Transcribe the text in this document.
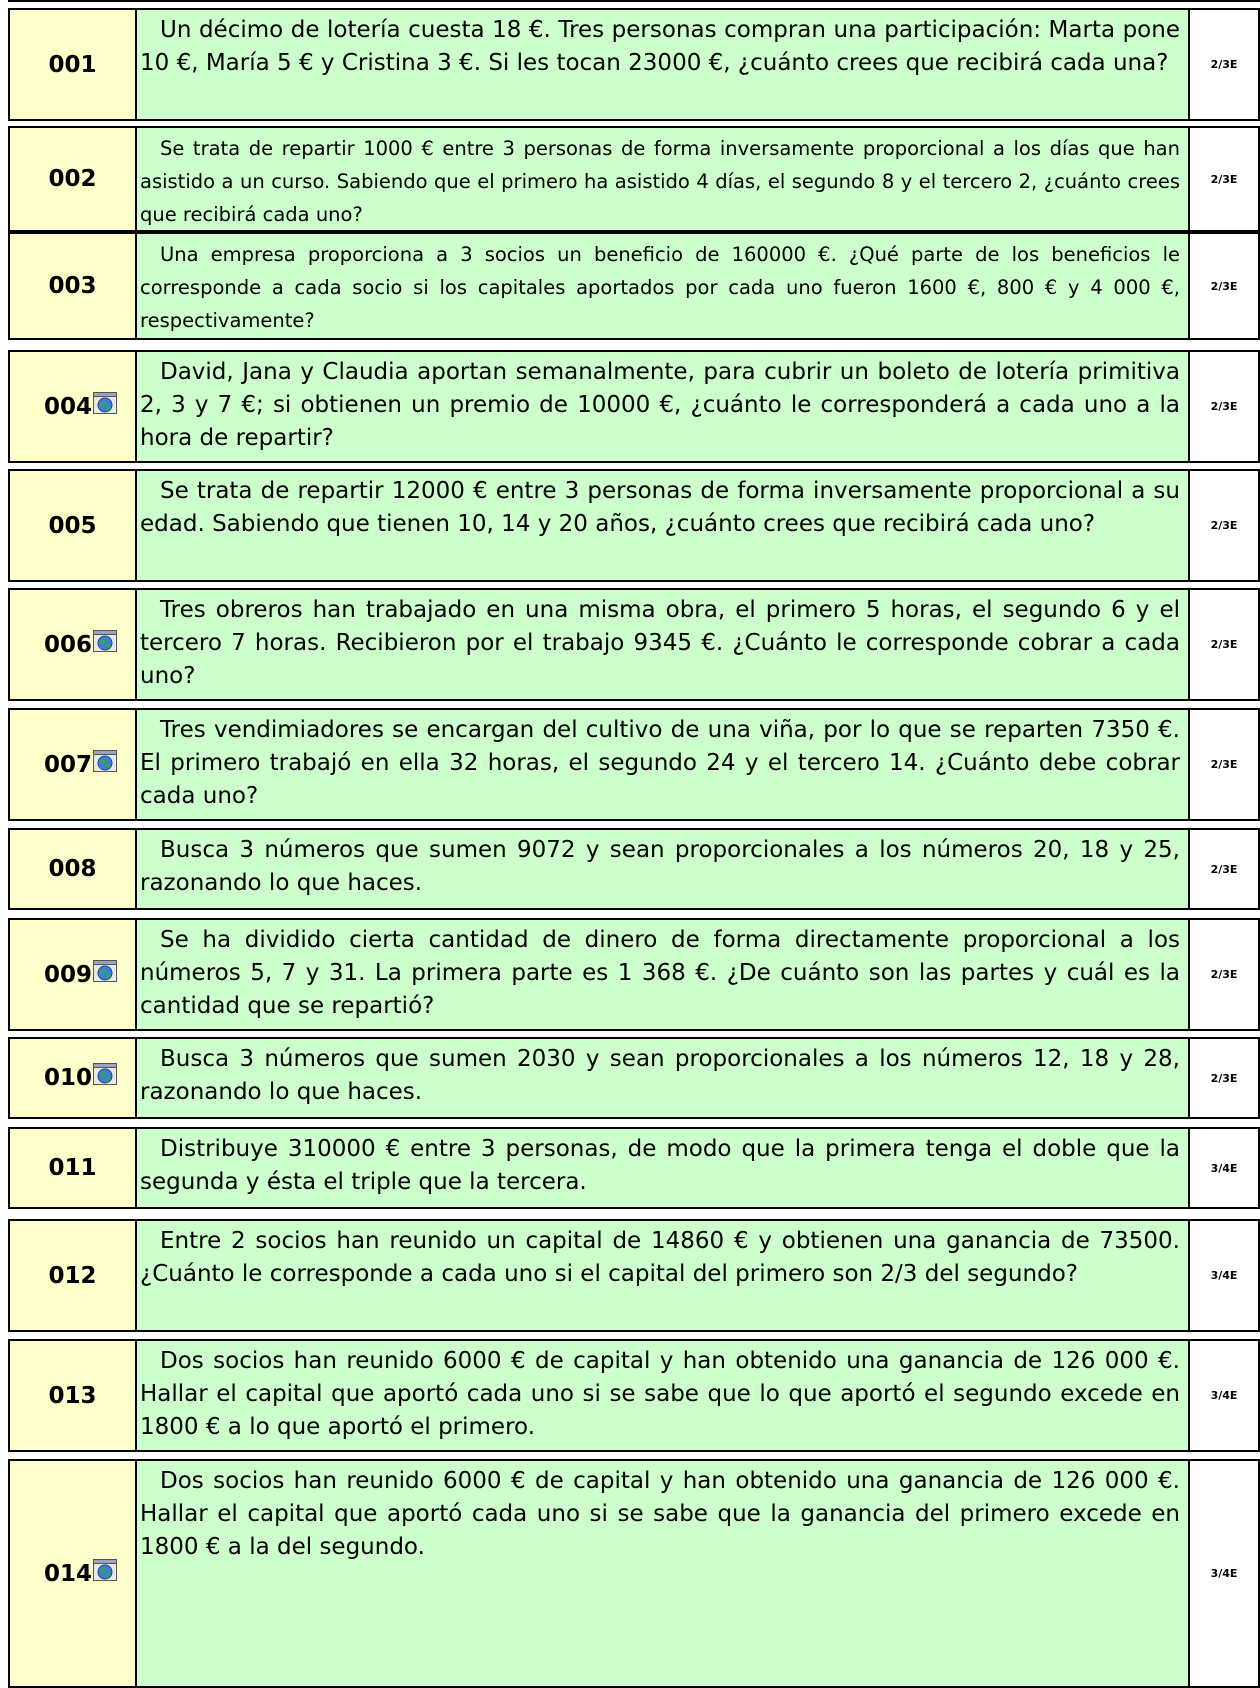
001
Un décimo de lotería cuesta 18 €. Tres personas compran una participación: Marta pone 10 €, María 5 € y Cristina 3 €. Si les tocan 23000 €, ¿cuánto crees que recibirá cada una?	2/3E
002
Se trata de repartir 1000 € entre 3 personas de forma inversamente proporcional a los días que han asistido a un curso. Sabiendo que el primero ha asistido 4 días, el segundo 8 y el tercero 2, ¿cuánto crees que recibirá cada uno?
2/3E
003
Una empresa proporciona a 3 socios un beneficio de 160000 €. ¿Qué parte de los beneficios le corresponde a cada socio si los capitales aportados por cada uno fueron 1600 €, 800 € y 4 000 €, respectivamente?
2/3E
004
David, Jana y Claudia aportan semanalmente, para cubrir un boleto de lotería primitiva 2, 3 y 7 €; si obtienen un premio de 10000 €, ¿cuánto le corresponderá a cada uno a la hora de repartir?
2/3E
005
Se trata de repartir 12000 € entre 3 personas de forma inversamente proporcional a su edad. Sabiendo que tienen 10, 14 y 20 años, ¿cuánto crees que recibirá cada uno?	2/3E
006
Tres obreros han trabajado en una misma obra, el primero 5 horas, el segundo 6 y el tercero 7 horas. Recibieron por el trabajo 9345 €. ¿Cuánto le corresponde cobrar a cada uno?
2/3E
007
Tres vendimiadores se encargan del cultivo de una viña, por lo que se reparten 7350 €. El primero trabajó en ella 32 horas, el segundo 24 y el tercero 14. ¿Cuánto debe cobrar cada uno?
2/3E
008
Busca 3 números que sumen 9072 y sean proporcionales a los números 20, 18 y 25, razonando lo que haces.
2/3E
009
Se ha dividido cierta cantidad de dinero de forma directamente proporcional a los números 5, 7 y 31. La primera parte es 1 368 €. ¿De cuánto son las partes y cuál es la cantidad que se repartió?
2/3E
010
Busca 3 números que sumen 2030 y sean proporcionales a los números 12, 18 y 28, razonando lo que haces.
2/3E
011
Distribuye 310000 € entre 3 personas, de modo que la primera tenga el doble que la segunda y ésta el triple que la tercera.
3/4E
012
Entre 2 socios han reunido un capital de 14860 € y obtienen una ganancia de 73500. ¿Cuánto le corresponde a cada uno si el capital del primero son 2/3 del segundo?	3/4E
013
Dos socios han reunido 6000 € de capital y han obtenido una ganancia de 126 000 €. Hallar el capital que aportó cada uno si se sabe que lo que aportó el segundo excede en 1800 € a lo que aportó el primero.
3/4E
014
Dos socios han reunido 6000 € de capital y han obtenido una ganancia de 126 000 €. Hallar el capital que aportó cada uno si se sabe que la ganancia del primero excede en 1800 € a la del segundo.
3/4E
